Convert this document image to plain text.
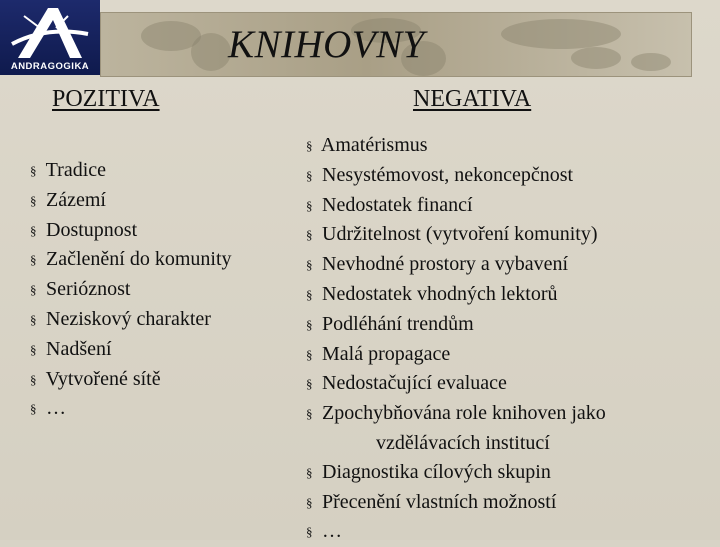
ANDRAGOGIKA
KNIHOVNY
POZITIVA	NEGATIVA
§ Tradice
§ Zázemí
§ Dostupnost
§ Začlenění do komunity
§ Serióznost
§ Neziskový charakter
§ Nadšení
§ Vytvořené sítě
§ …
§ Amatérismus
§ Nesystémovost, nekoncepčnost
§ Nedostatek financí
§ Udržitelnost (vytvoření komunity)
§ Nevhodné prostory a vybavení
§ Nedostatek vhodných lektorů
§ Podléhání trendům
§ Malá propagace
§ Nedostačující evaluace
§ Zpochybňována role knihoven jako
vzdělávacích institucí
§ Diagnostika cílových skupin
§ Přecenění vlastních možností
§ …
